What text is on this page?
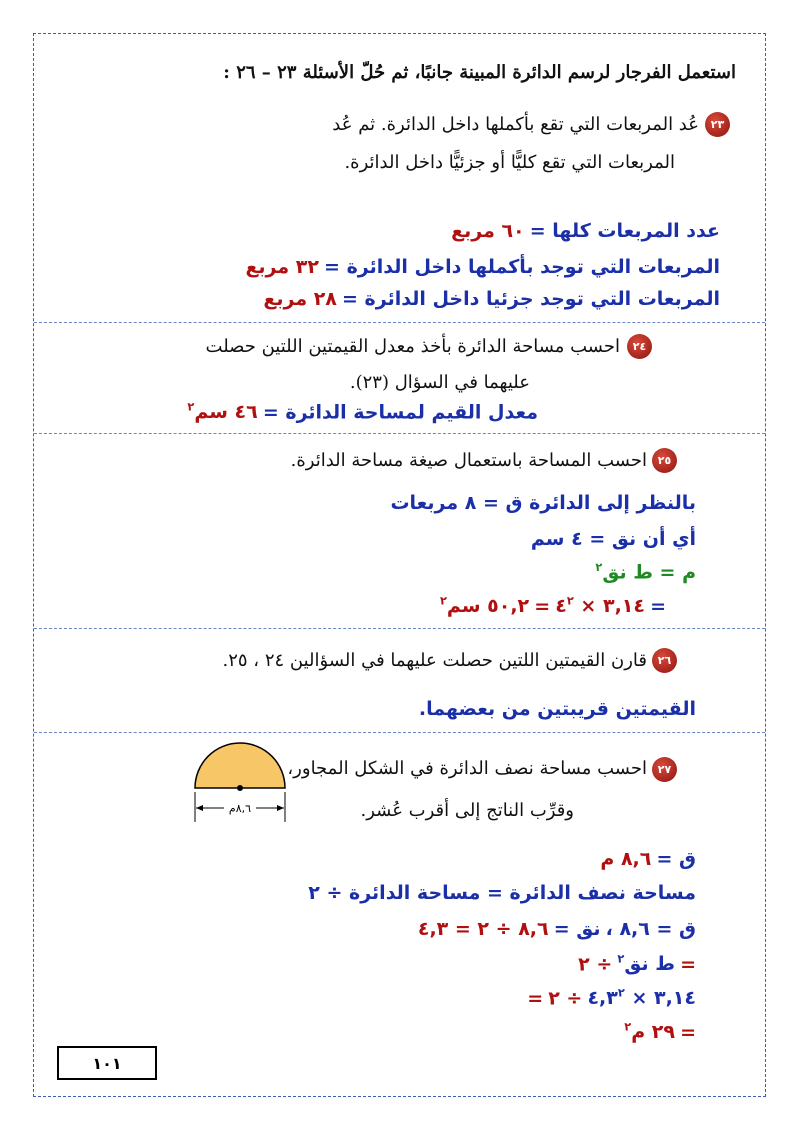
استعمل الفرجار لرسم الدائرة المبينة جانبًا، ثم حُلّ الأسئلة ٢٣ – ٢٦ :
٢٣
عُد المربعات التي تقع بأكملها داخل الدائرة. ثم عُد
المربعات التي تقع كليًّا أو جزئيًّا داخل الدائرة.
عدد المربعات كلها = ٦٠ مربع
المربعات التي توجد بأكملها داخل الدائرة = ٣٢ مربع
المربعات التي توجد جزئيا داخل الدائرة = ٢٨ مربع
٢٤
احسب مساحة الدائرة بأخذ معدل القيمتين اللتين حصلت
عليهما في السؤال (٢٣).
معدل القيم لمساحة الدائرة = ٤٦ سم$^٢$
٢٥
احسب المساحة باستعمال صيغة مساحة الدائرة.
بالنظر إلى الدائرة ق = ٨ مربعات
أي أن نق = ٤ سم
م = ط نق$^٢$
= ٣,١٤ × $٤^٢$ = ٥٠,٢ سم$^٢$
٢٦
قارن القيمتين اللتين حصلت عليهما في السؤالين ٢٤ ، ٢٥.
القيمتين قريبتين من بعضهما.
٢٧
احسب مساحة نصف الدائرة في الشكل المجاور،
وقرِّب الناتج إلى أقرب عُشر.
٨,٦م
ق = ٨,٦ م
مساحة نصف الدائرة = مساحة الدائرة ÷ ٢
ق = ٨,٦ ، نق = ٨,٦ ÷ ٢ = ٤,٣
= ط نق$^٢$ ÷ ٢
= ٣,١٤ × $٤,٣^٢$ ÷ ٢
= ٢٩ م$^٢$
١٠١
